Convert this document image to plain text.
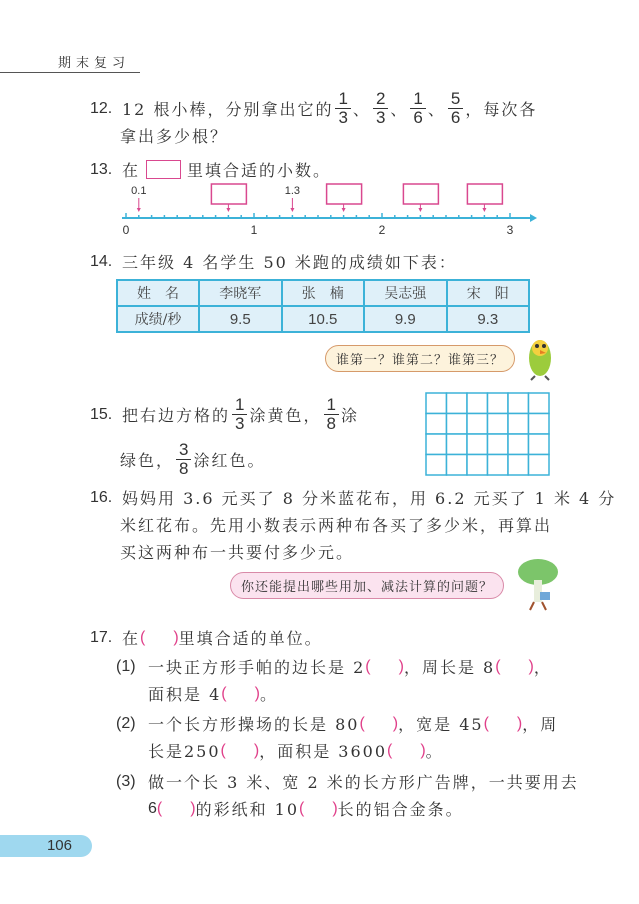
期末复习
12. 12 根小棒，分别拿出它的 $\frac{1}{3}$ 、 $\frac{2}{3}$ 、 $\frac{1}{6}$ 、 $\frac{5}{6}$ ，每次各
拿出多少根？
13. 在	里填合适的小数。
0	1	2	3
0.1	1.3
14. 三年级 4 名学生 50 米跑的成绩如下表：
姓　名	李晓军	张　楠	吴志强	宋　阳
成绩/秒	9.5	10.5	9.9	9.3
谁第一？谁第二？谁第三？
15. 把右边方格的 $\frac{1}{3}$ 涂黄色， $\frac{1}{8}$ 涂
绿色， $\frac{3}{8}$ 涂红色。
16. 妈妈用 3.6 元买了 8 分米蓝花布，用 6.2 元买了 1 米 4 分
米红花布。先用小数表示两种布各买了多少米，再算出
买这两种布一共要付多少元。
你还能提出哪些用加、减法计算的问题？
17. 在 ( ) 里填合适的单位。
(1) 一块正方形手帕的边长是 2 ( ) ，周长是 8 ( ) ，
面积是 4 ( ) 。
(2) 一个长方形操场的长是 80 ( ) ，宽是 45 ( ) ，周
长是250 ( ) ，面积是 3600 ( ) 。
(3) 做一个长 3 米、宽 2 米的长方形广告牌，一共要用去
6 ( ) 的彩纸和 10 ( ) 长的铝合金条。
106
